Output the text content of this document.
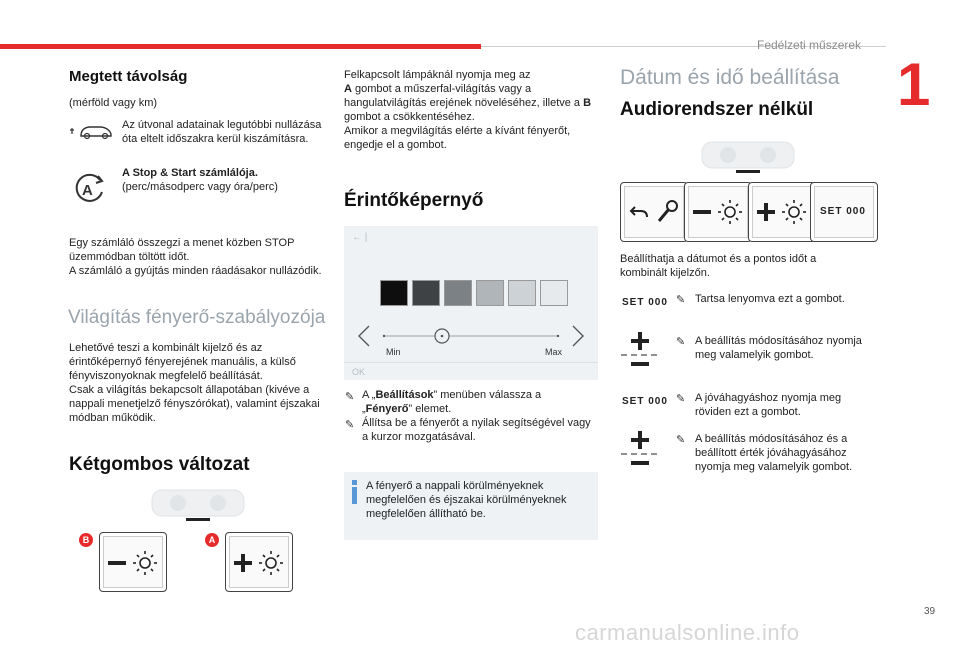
Fedélzeti műszerek
1
Megtett távolság
(mérföld vagy km)
Az útvonal adatainak legutóbbi nullázása óta eltelt időszakra kerül kiszámításra.
A
A Stop & Start számlálója.
(perc/másodperc vagy óra/perc)
Egy számláló összegzi a menet közben STOP üzemmódban töltött időt.
A számláló a gyújtás minden ráadásakor nullázódik.
Világítás fényerő-szabályozója
Lehetővé teszi a kombinált kijelző és az érintőképernyő fényerejének manuális, a külső fényviszonyoknak megfelelő beállítását.
Csak a világítás bekapcsolt állapotában (kivéve a nappali menetjelző fényszórókat), valamint éjszakai módban működik.
Kétgombos változat
B	A
Felkapcsolt lámpáknál nyomja meg az
A gombot a műszerfal-világítás vagy a hangulatvilágítás erejének növeléséhez, illetve a B gombot a csökkentéséhez.
Amikor a megvilágítás elérte a kívánt fényerőt, engedje el a gombot.
Érintőképernyő
← |
Min	Max
OK
✎ A „Beállítások” menüben válassza a
„Fényerő” elemet.
✎ Állítsa be a fényerőt a nyilak segítségével vagy a kurzor mozgatásával.
A fényerő a nappali körülményeknek megfelelően és éjszakai körülményeknek megfelelően állítható be.
Dátum és idő beállítása
Audiorendszer nélkül
SET 000
Beállíthatja a dátumot és a pontos időt a kombinált kijelzőn.
SET 000 ✎ Tartsa lenyomva ezt a gombot.
✎ A beállítás módosításához nyomja meg valamelyik gombot.
SET 000 ✎ A jóváhagyáshoz nyomja meg röviden ezt a gombot.
✎ A beállítás módosításához és a beállított érték jóváhagyásához nyomja meg valamelyik gombot.
39
carmanualsonline.info
